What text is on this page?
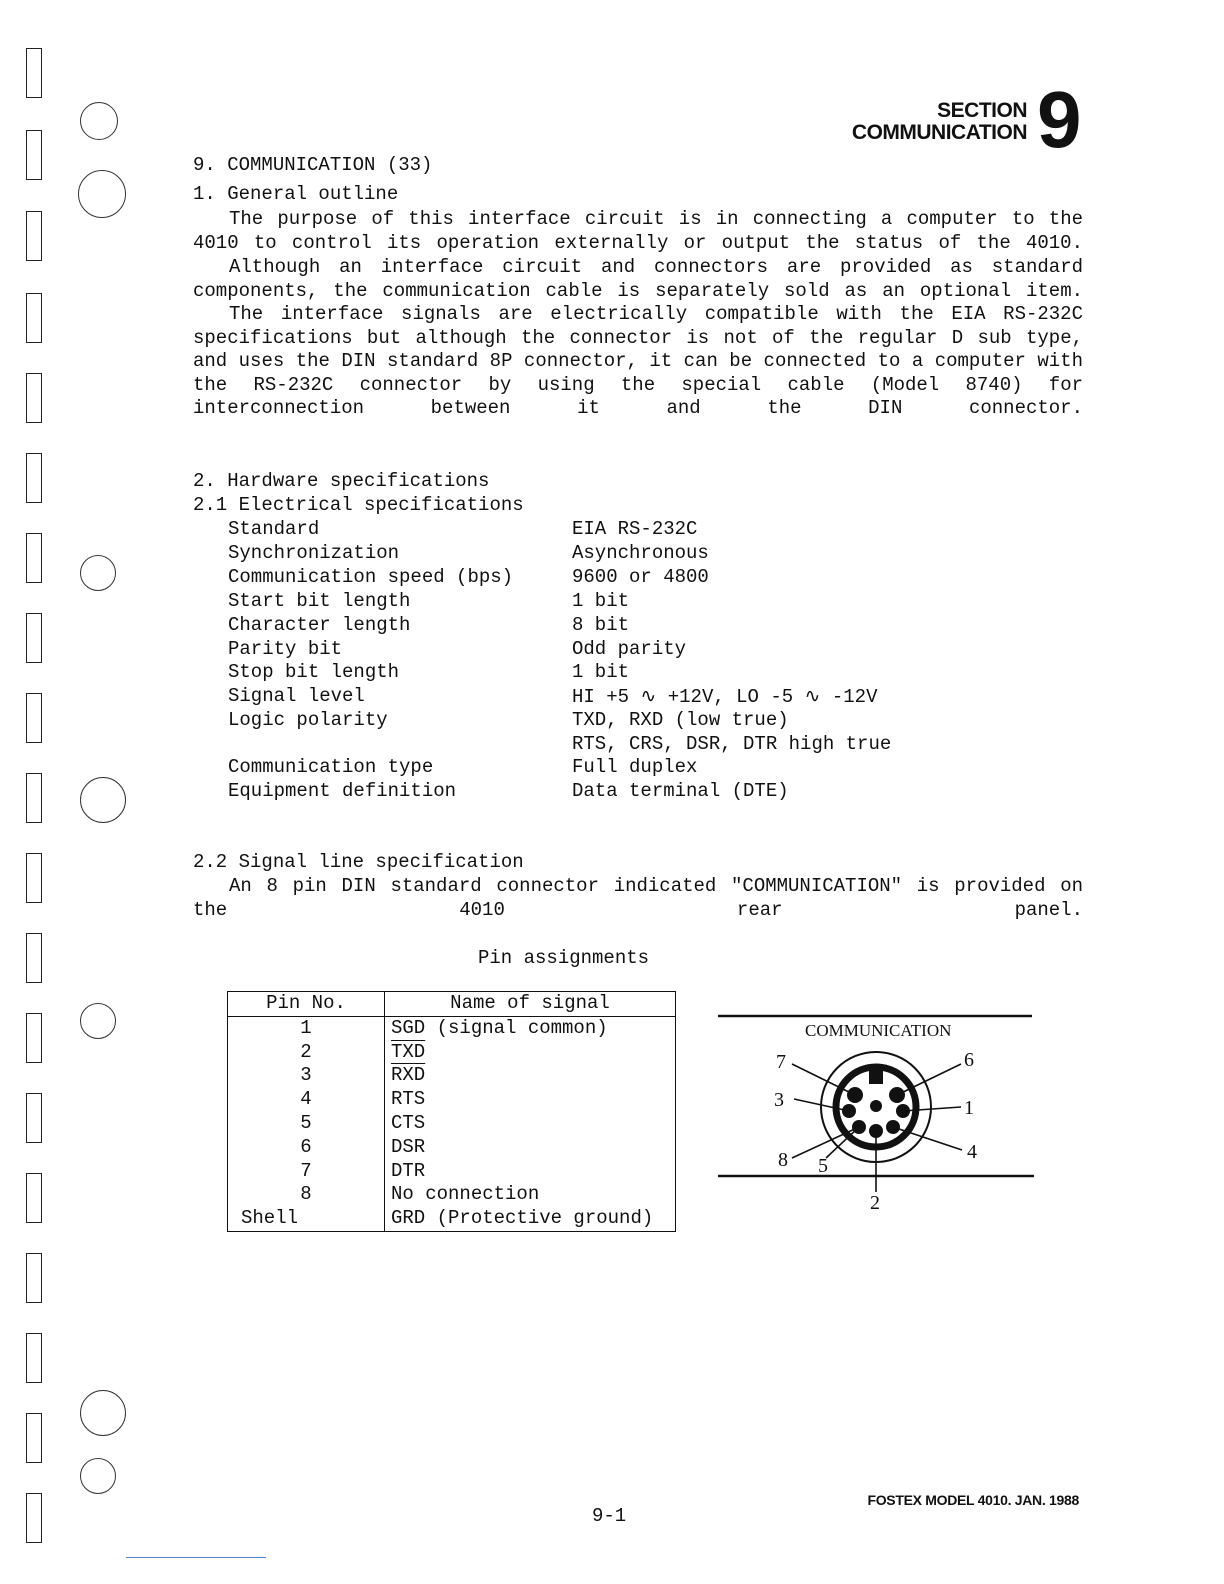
SECTION
COMMUNICATION 9
9. COMMUNICATION (33)
1. General outline
The purpose of this interface circuit is in connecting a computer to the 4010 to control its operation externally or output the status of the 4010.
Although an interface circuit and connectors are provided as standard components, the communication cable is separately sold as an optional item.
The interface signals are electrically compatible with the EIA RS-232C specifications but although the connector is not of the regular D sub type, and uses the DIN standard 8P connector, it can be connected to a computer with the RS-232C connector by using the special cable (Model 8740) for interconnection between it and the DIN connector.
2. Hardware specifications
2.1 Electrical specifications
Standard	EIA RS-232C
Synchronization	Asynchronous
Communication speed (bps)	9600 or 4800
Start bit length	1 bit
Character length	8 bit
Parity bit	Odd parity
Stop bit length	1 bit
Signal level	HI +5 ∿ +12V, LO -5 ∿ -12V
Logic polarity	TXD, RXD (low true)
RTS, CRS, DSR, DTR high true
Communication type	Full duplex
Equipment definition	Data terminal (DTE)
2.2 Signal line specification
An 8 pin DIN standard connector indicated "COMMUNICATION" is provided on the 4010 rear panel.
Pin assignments
Pin No.	Name of signal
1	SGD (signal common)
2	$\overline{TXD}$
3	$\overline{RXD}$
4	RTS
5	CTS
6	DSR
7	DTR
8	No connection
Shell	GRD (Protective ground)
COMMUNICATION
7	6
3	1
8 5
4
2
9-1
FOSTEX MODEL 4010. JAN. 1988
